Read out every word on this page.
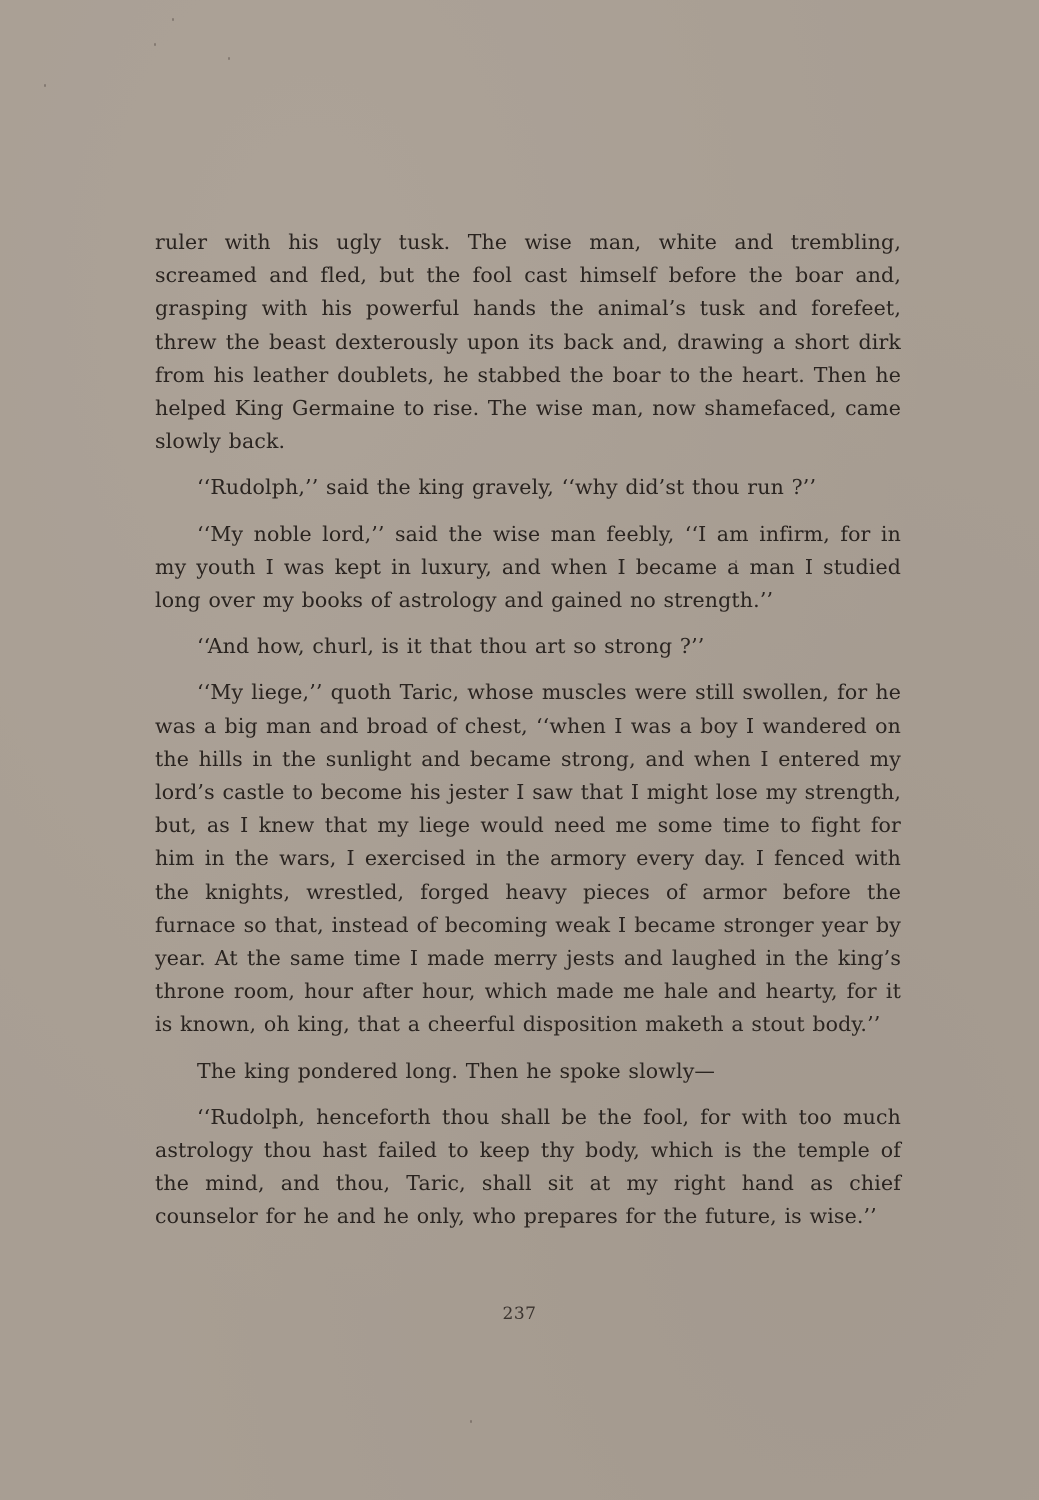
ruler with his ugly tusk. The wise man, white and trembling, screamed and fled, but the fool cast himself before the boar and, grasping with his powerful hands the animal’s tusk and forefeet, threw the beast dexterously upon its back and, drawing a short dirk from his leather doublets, he stabbed the boar to the heart. Then he helped King Germaine to rise. The wise man, now shamefaced, came slowly back.

‘‘Rudolph,’’ said the king gravely, ‘‘why did’st thou run ?’’

‘‘My noble lord,’’ said the wise man feebly, ‘‘I am infirm, for in my youth I was kept in luxury, and when I became a man I studied long over my books of astrology and gained no strength.’’

‘‘And how, churl, is it that thou art so strong ?’’

‘‘My liege,’’ quoth Taric, whose muscles were still swollen, for he was a big man and broad of chest, ‘‘when I was a boy I wandered on the hills in the sunlight and became strong, and when I entered my lord’s castle to become his jester I saw that I might lose my strength, but, as I knew that my liege would need me some time to fight for him in the wars, I exercised in the armory every day. I fenced with the knights, wrestled, forged heavy pieces of armor before the furnace so that, instead of becoming weak I became stronger year by year. At the same time I made merry jests and laughed in the king’s throne room, hour after hour, which made me hale and hearty, for it is known, oh king, that a cheerful disposition maketh a stout body.’’

The king pondered long. Then he spoke slowly—

‘‘Rudolph, henceforth thou shall be the fool, for with too much astrology thou hast failed to keep thy body, which is the temple of the mind, and thou, Taric, shall sit at my right hand as chief counselor for he and he only, who prepares for the future, is wise.’’

237
